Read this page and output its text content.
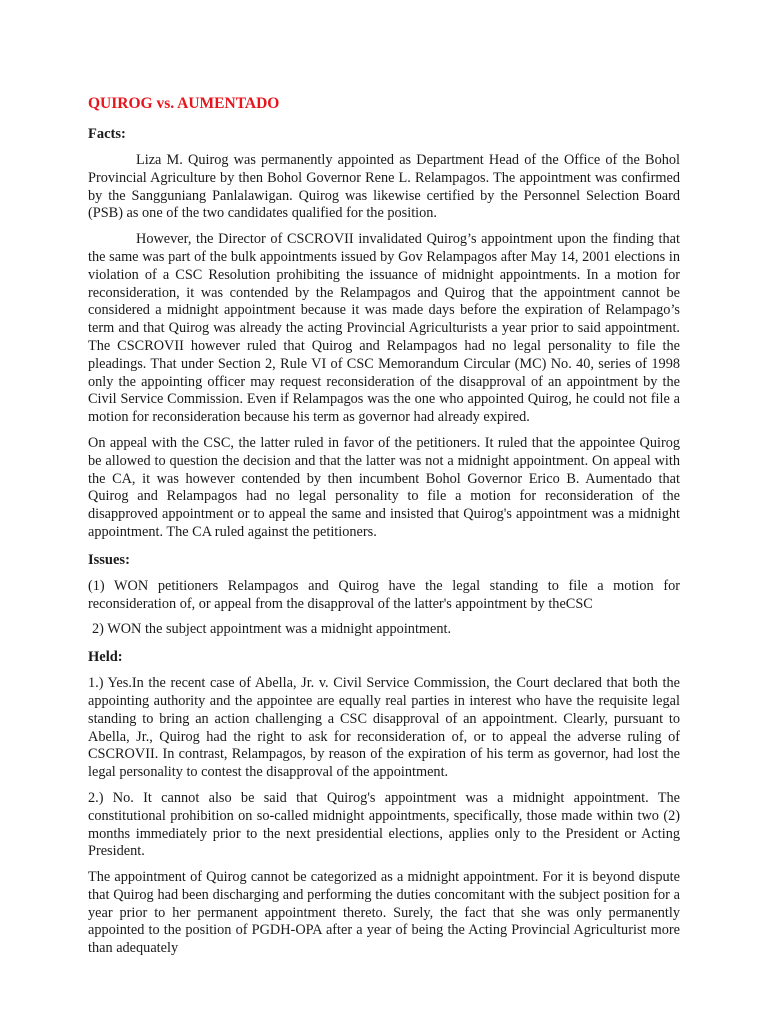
QUIROG vs. AUMENTADO
Facts:

Liza M. Quirog was permanently appointed as Department Head of the Office of the Bohol Provincial Agriculture by then Bohol Governor Rene L. Relampagos. The appointment was confirmed by the Sangguniang Panlalawigan. Quirog was likewise certified by the Personnel Selection Board (PSB) as one of the two candidates qualified for the position.

However, the Director of CSCROVII invalidated Quirog’s appointment upon the finding that the same was part of the bulk appointments issued by Gov Relampagos after May 14, 2001 elections in violation of a CSC Resolution prohibiting the issuance of midnight appointments. In a motion for reconsideration, it was contended by the Relampagos and Quirog that the appointment cannot be considered a midnight appointment because it was made days before the expiration of Relampago’s term and that Quirog was already the acting Provincial Agriculturists a year prior to said appointment. The CSCROVII however ruled that Quirog and Relampagos had no legal personality to file the pleadings. That under Section 2, Rule VI of CSC Memorandum Circular (MC) No. 40, series of 1998 only the appointing officer may request reconsideration of the disapproval of an appointment by the Civil Service Commission. Even if Relampagos was the one who appointed Quirog, he could not file a motion for reconsideration because his term as governor had already expired.

On appeal with the CSC, the latter ruled in favor of the petitioners. It ruled that the appointee Quirog be allowed to question the decision and that the latter was not a midnight appointment. On appeal with the CA, it was however contended by then incumbent Bohol Governor Erico B. Aumentado that Quirog and Relampagos had no legal personality to file a motion for reconsideration of the disapproved appointment or to appeal the same and insisted that Quirog's appointment was a midnight appointment. The CA ruled against the petitioners.

Issues:

(1) WON petitioners Relampagos and Quirog have the legal standing to file a motion for reconsideration of, or appeal from the disapproval of the latter's appointment by theCSC

2) WON the subject appointment was a midnight appointment.

Held:

1.) Yes.In the recent case of Abella, Jr. v. Civil Service Commission, the Court declared that both the appointing authority and the appointee are equally real parties in interest who have the requisite legal standing to bring an action challenging a CSC disapproval of an appointment. Clearly, pursuant to Abella, Jr., Quirog had the right to ask for reconsideration of, or to appeal the adverse ruling of CSCROVII. In contrast, Relampagos, by reason of the expiration of his term as governor, had lost the legal personality to contest the disapproval of the appointment.

2.) No. It cannot also be said that Quirog's appointment was a midnight appointment. The constitutional prohibition on so-called midnight appointments, specifically, those made within two (2) months immediately prior to the next presidential elections, applies only to the President or Acting President.

The appointment of Quirog cannot be categorized as a midnight appointment. For it is beyond dispute that Quirog had been discharging and performing the duties concomitant with the subject position for a year prior to her permanent appointment thereto. Surely, the fact that she was only permanently appointed to the position of PGDH-OPA after a year of being the Acting Provincial Agriculturist more than adequately
